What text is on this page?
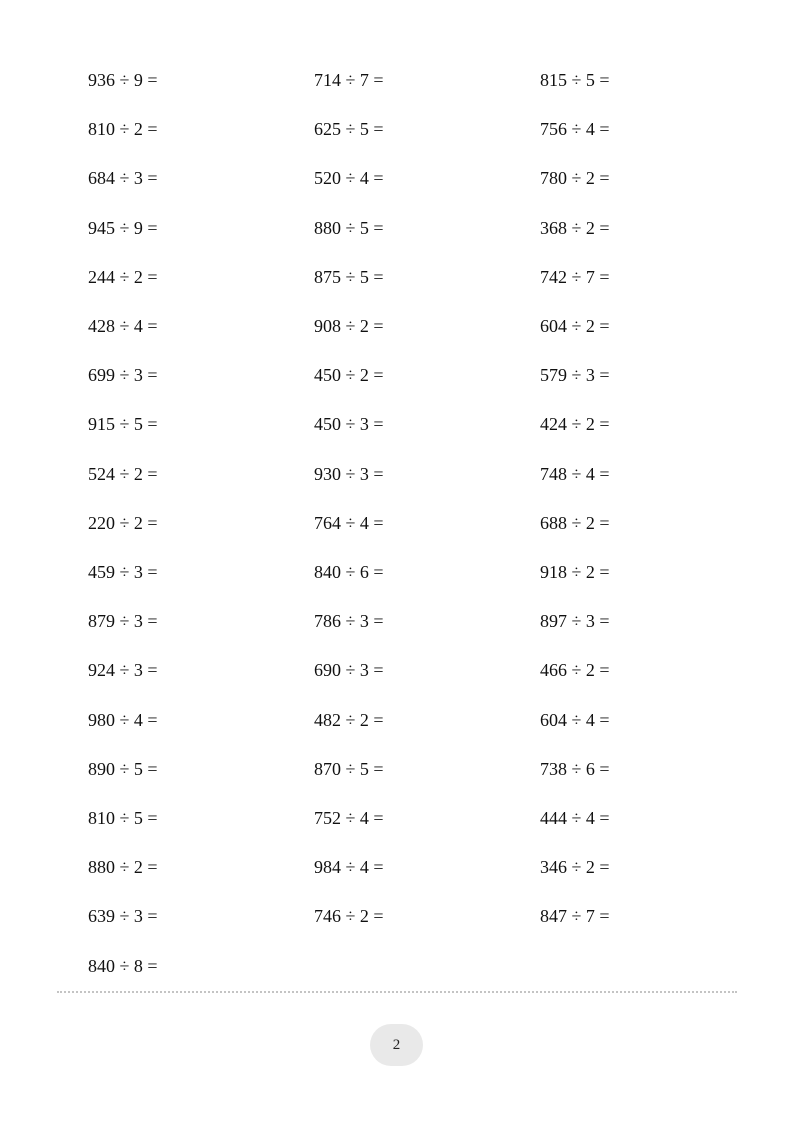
936 ÷ 9 =
810 ÷ 2 =
684 ÷ 3 =
945 ÷ 9 =
244 ÷ 2 =
428 ÷ 4 =
699 ÷ 3 =
915 ÷ 5 =
524 ÷ 2 =
220 ÷ 2 =
459 ÷ 3 =
879 ÷ 3 =
924 ÷ 3 =
980 ÷ 4 =
890 ÷ 5 =
810 ÷ 5 =
880 ÷ 2 =
639 ÷ 3 =
840 ÷ 8 =
714 ÷ 7 =
625 ÷ 5 =
520 ÷ 4 =
880 ÷ 5 =
875 ÷ 5 =
908 ÷ 2 =
450 ÷ 2 =
450 ÷ 3 =
930 ÷ 3 =
764 ÷ 4 =
840 ÷ 6 =
786 ÷ 3 =
690 ÷ 3 =
482 ÷ 2 =
870 ÷ 5 =
752 ÷ 4 =
984 ÷ 4 =
746 ÷ 2 =
815 ÷ 5 =
756 ÷ 4 =
780 ÷ 2 =
368 ÷ 2 =
742 ÷ 7 =
604 ÷ 2 =
579 ÷ 3 =
424 ÷ 2 =
748 ÷ 4 =
688 ÷ 2 =
918 ÷ 2 =
897 ÷ 3 =
466 ÷ 2 =
604 ÷ 4 =
738 ÷ 6 =
444 ÷ 4 =
346 ÷ 2 =
847 ÷ 7 =
2
